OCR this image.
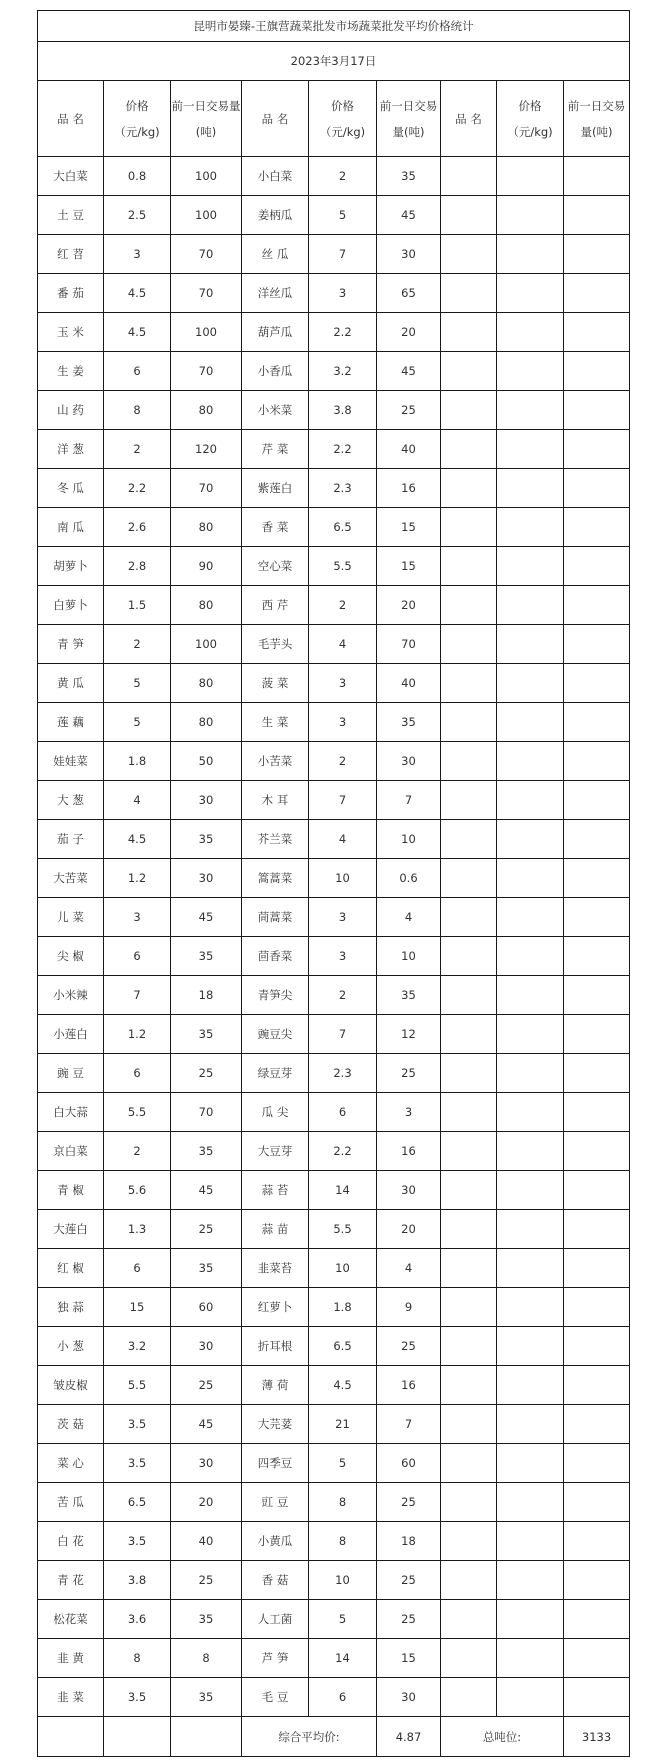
昆明市晏臻-王旗营蔬菜批发市场蔬菜批发平均价格统计								
2023年3月17日								
品 名	价格（元/kg)	前一日交易量(吨)	品 名	价格（元/kg)	前一日交易量(吨)	品 名	价格（元/kg)	前一日交易量(吨)
大白菜	0.8	100	小白菜	2	35			
土 豆	2.5	100	姜柄瓜	5	45			
红 苕	3	70	丝 瓜	7	30			
番 茄	4.5	70	洋丝瓜	3	65			
玉 米	4.5	100	葫芦瓜	2.2	20			
生 姜	6	70	小香瓜	3.2	45			
山 药	8	80	小米菜	3.8	25			
洋 葱	2	120	芹 菜	2.2	40			
冬 瓜	2.2	70	紫莲白	2.3	16			
南 瓜	2.6	80	香 菜	6.5	15			
胡萝卜	2.8	90	空心菜	5.5	15			
白萝卜	1.5	80	西 芹	2	20			
青 笋	2	100	毛芋头	4	70			
黄 瓜	5	80	菠 菜	3	40			
莲 藕	5	80	生 菜	3	35			
娃娃菜	1.8	50	小苦菜	2	30			
大 葱	4	30	木 耳	7	7			
茄 子	4.5	35	芥兰菜	4	10			
大苦菜	1.2	30	篙蒿菜	10	0.6			
儿 菜	3	45	茼蒿菜	3	4			
尖 椒	6	35	茴香菜	3	10			
小米辣	7	18	青笋尖	2	35			
小莲白	1.2	35	豌豆尖	7	12			
豌 豆	6	25	绿豆芽	2.3	25			
白大蒜	5.5	70	瓜 尖	6	3			
京白菜	2	35	大豆芽	2.2	16			
青 椒	5.6	45	蒜 苔	14	30			
大莲白	1.3	25	蒜 苗	5.5	20			
红 椒	6	35	韭菜苔	10	4			
独 蒜	15	60	红萝卜	1.8	9			
小 葱	3.2	30	折耳根	6.5	25			
皱皮椒	5.5	25	薄 荷	4.5	16			
茨 菇	3.5	45	大芫荽	21	7			
菜 心	3.5	30	四季豆	5	60			
苦 瓜	6.5	20	豇 豆	8	25			
白 花	3.5	40	小黄瓜	8	18			
青 花	3.8	25	香 菇	10	25			
松花菜	3.6	35	人工菌	5	25			
韭 黄	8	8	芦 笋	14	15			
韭 菜	3.5	35	毛 豆	6	30			
			综合平均价:		4.87	总吨位:		3133
